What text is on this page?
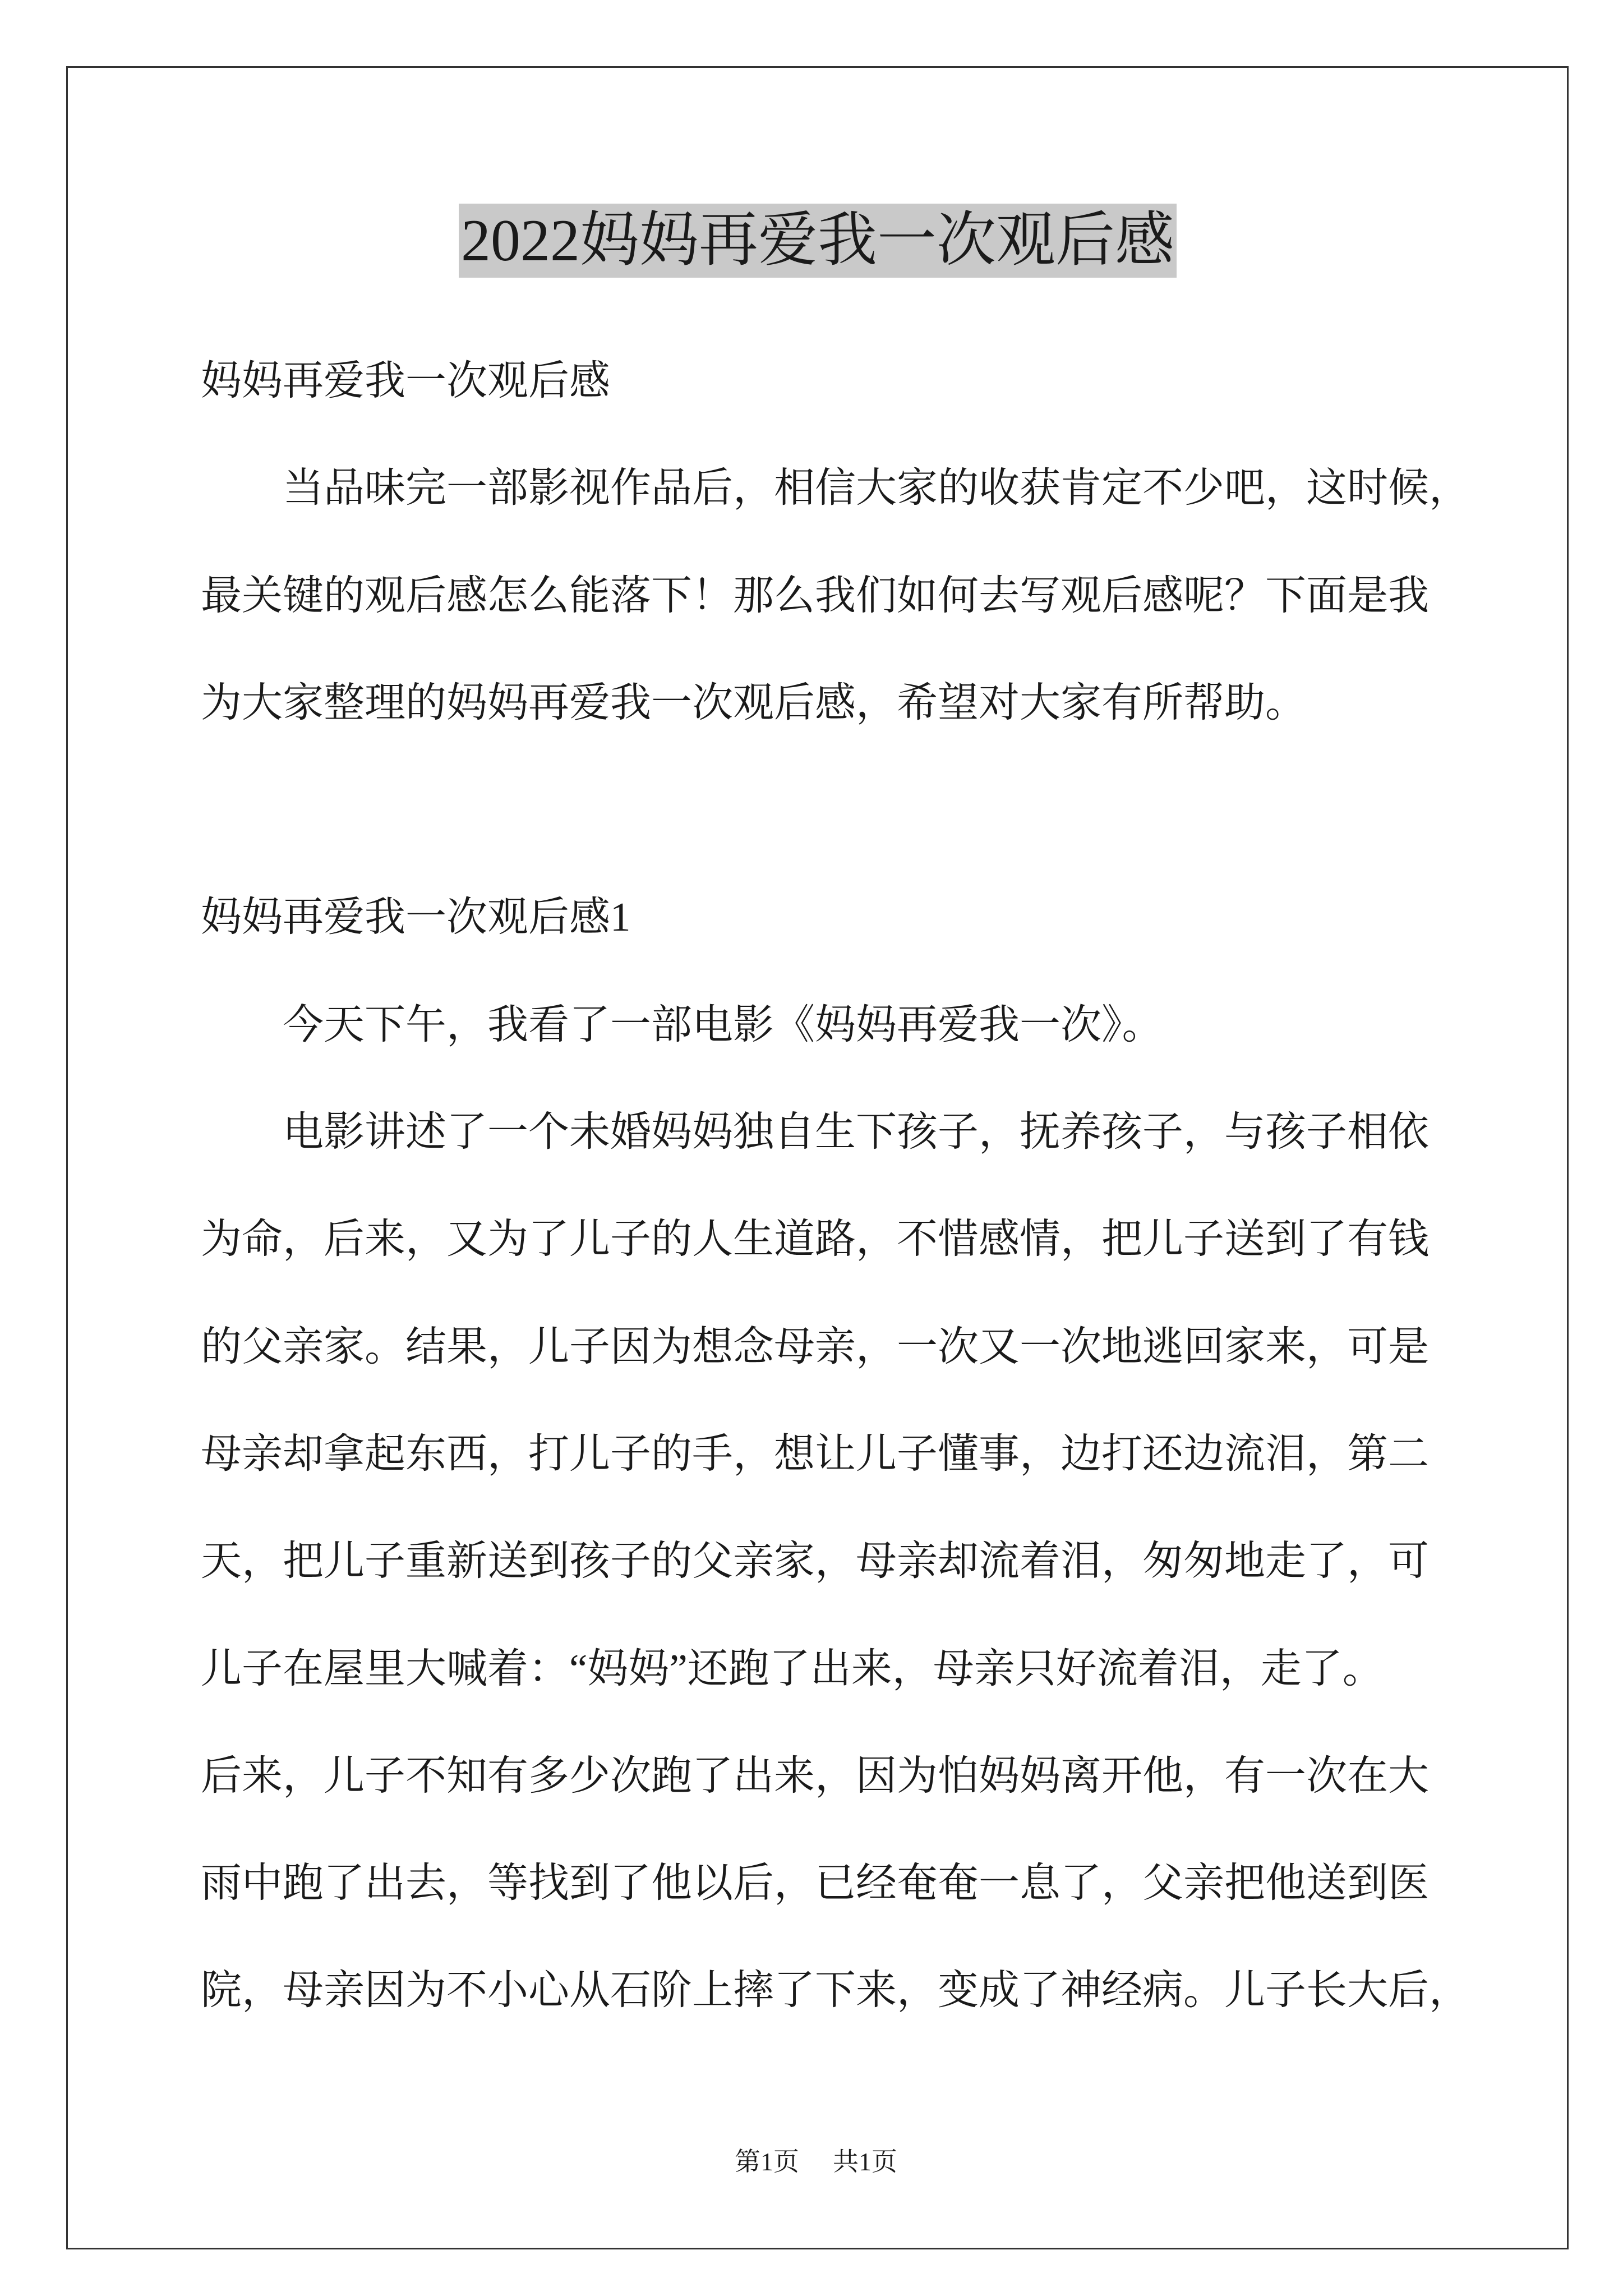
2022妈妈再爱我一次观后感
妈妈再爱我一次观后感
当品味完一部影视作品后，相信大家的收获肯定不少吧，这时候，
最关键的观后感怎么能落下！那么我们如何去写观后感呢？下面是我
为大家整理的妈妈再爱我一次观后感，希望对大家有所帮助。
妈妈再爱我一次观后感1
今天下午，我看了一部电影《妈妈再爱我一次》。
电影讲述了一个未婚妈妈独自生下孩子，抚养孩子，与孩子相依
为命，后来，又为了儿子的人生道路，不惜感情，把儿子送到了有钱
的父亲家。结果，儿子因为想念母亲，一次又一次地逃回家来，可是
母亲却拿起东西，打儿子的手，想让儿子懂事，边打还边流泪，第二
天，把儿子重新送到孩子的父亲家，母亲却流着泪，匆匆地走了，可
儿子在屋里大喊着：“妈妈”还跑了出来，母亲只好流着泪，走了。
后来，儿子不知有多少次跑了出来，因为怕妈妈离开他，有一次在大
雨中跑了出去，等找到了他以后，已经奄奄一息了，父亲把他送到医
院，母亲因为不小心从石阶上摔了下来，变成了神经病。儿子长大后，
第1页 共1页
